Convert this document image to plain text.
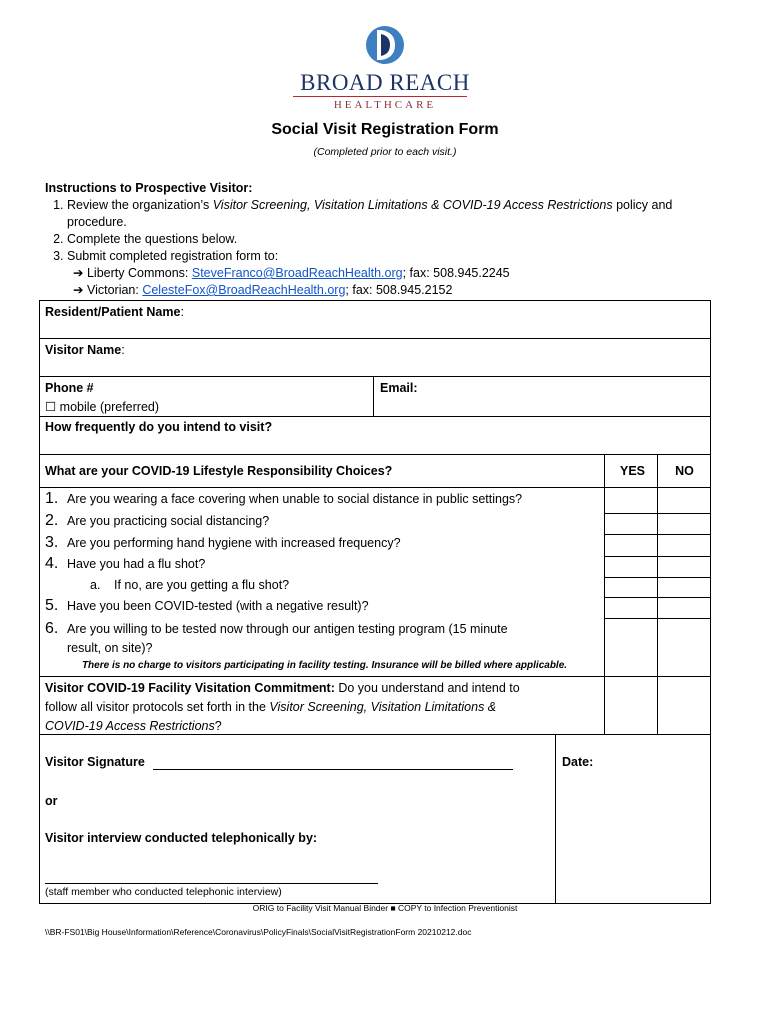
BROAD REACH
HEALTHCARE
Social Visit Registration Form
(Completed prior to each visit.)
Instructions to Prospective Visitor:
1. Review the organization’s Visitor Screening, Visitation Limitations & COVID-19 Access Restrictions policy and procedure.
2. Complete the questions below.
3. Submit completed registration form to:
➔ Liberty Commons: SteveFranco@BroadReachHealth.org; fax: 508.945.2245
➔ Victorian: CelesteFox@BroadReachHealth.org; fax: 508.945.2152
Resident/Patient Name:
Visitor Name:
Phone #
☐ mobile (preferred)
Email:
How frequently do you intend to visit?
What are your COVID-19 Lifestyle Responsibility Choices?	YES	NO
1. Are you wearing a face covering when unable to social distance in public settings?
2. Are you practicing social distancing?
3. Are you performing hand hygiene with increased frequency?
4. Have you had a flu shot?
a. If no, are you getting a flu shot?
5. Have you been COVID-tested (with a negative result)?
6. Are you willing to be tested now through our antigen testing program (15 minute
result, on site)?
There is no charge to visitors participating in facility testing. Insurance will be billed where applicable.
Visitor COVID-19 Facility Visitation Commitment: Do you understand and intend to
follow all visitor protocols set forth in the Visitor Screening, Visitation Limitations &
COVID-19 Access Restrictions?
Visitor Signature	Date:
or
Visitor interview conducted telephonically by:
(staff member who conducted telephonic interview)
ORIG to Facility Visit Manual Binder ■ COPY to Infection Preventionist
\\BR-FS01\Big House\Information\Reference\Coronavirus\PolicyFinals\SocialVisitRegistrationForm 20210212.doc
